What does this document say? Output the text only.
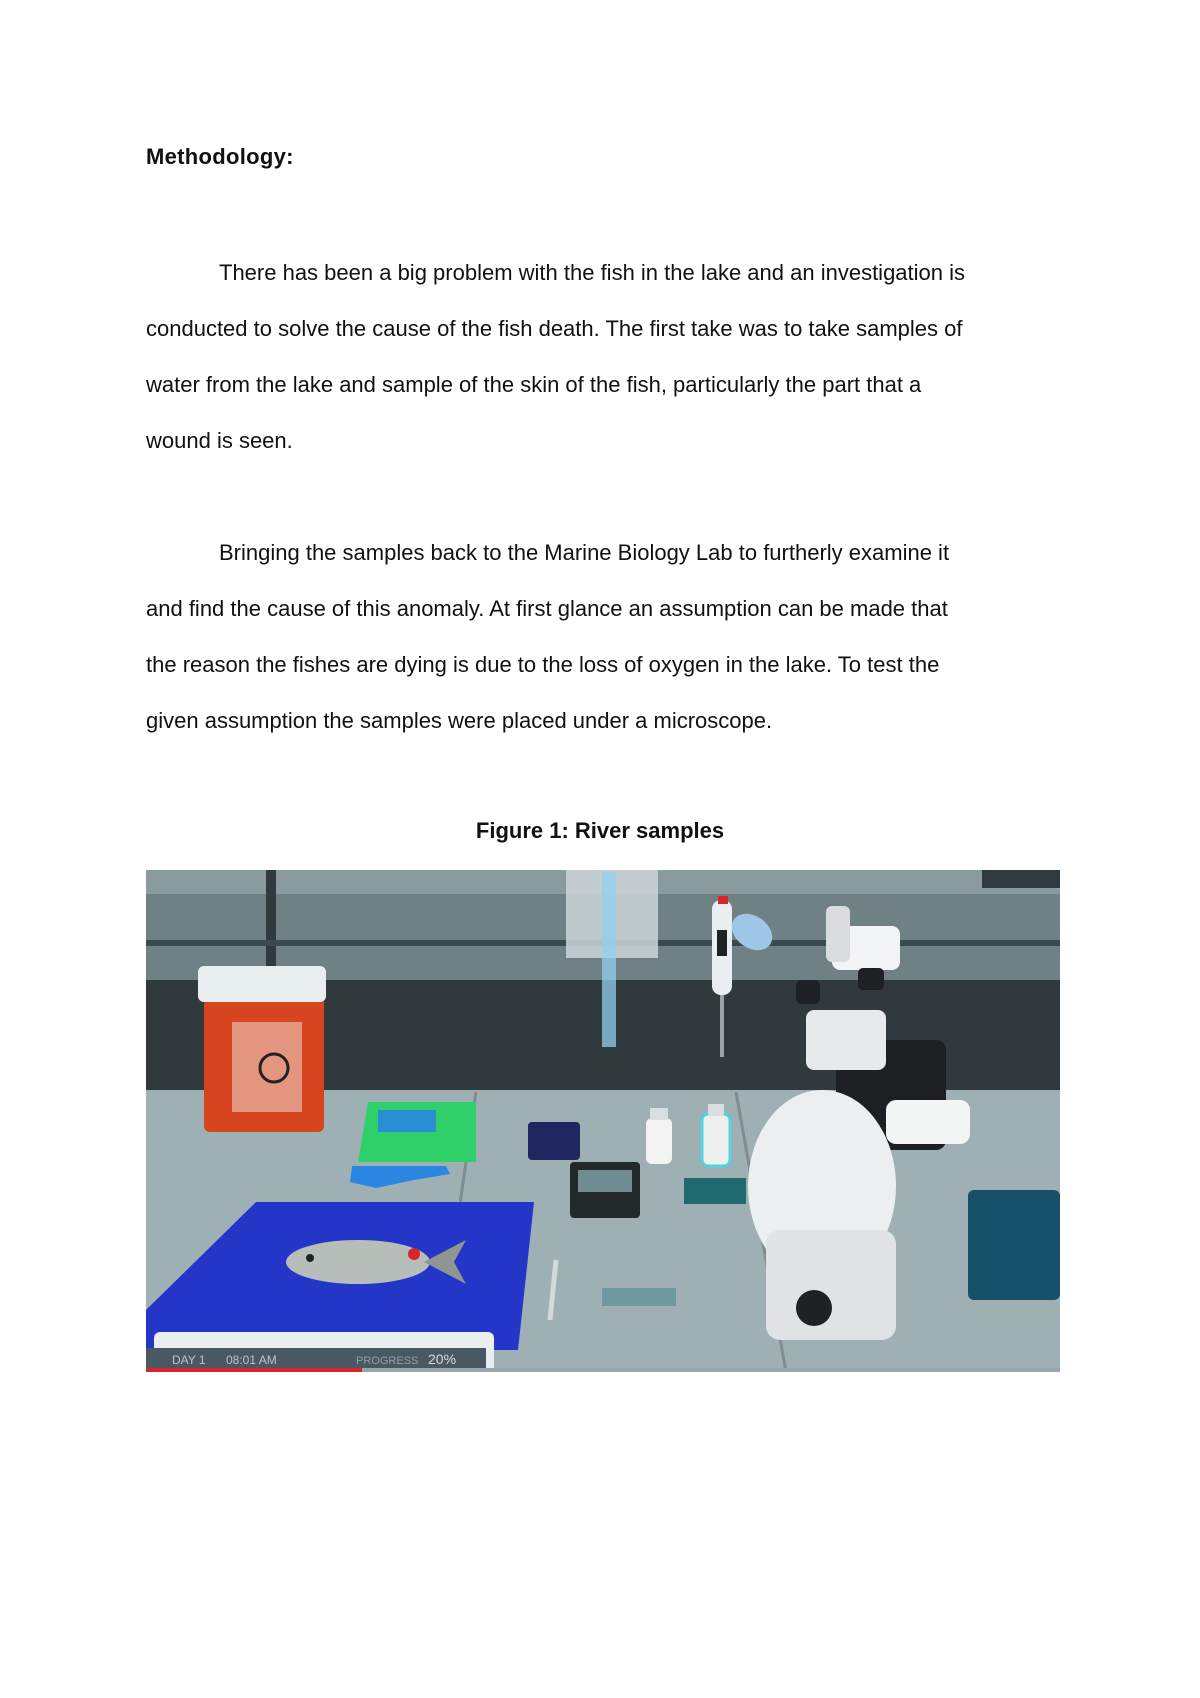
Methodology:

There has been a big problem with the fish in the lake and an investigation is
conducted to solve the cause of the fish death. The first take was to take samples of
water from the lake and sample of the skin of the fish, particularly the part that a
wound is seen.

Bringing the samples back to the Marine Biology Lab to furtherly examine it
and find the cause of this anomaly. At first glance an assumption can be made that
the reason the fishes are dying is due to the loss of oxygen in the lake. To test the
given assumption the samples were placed under a microscope.

Figure 1: River samples
DAY 1 08:01 AM	PROGRESS 20%
